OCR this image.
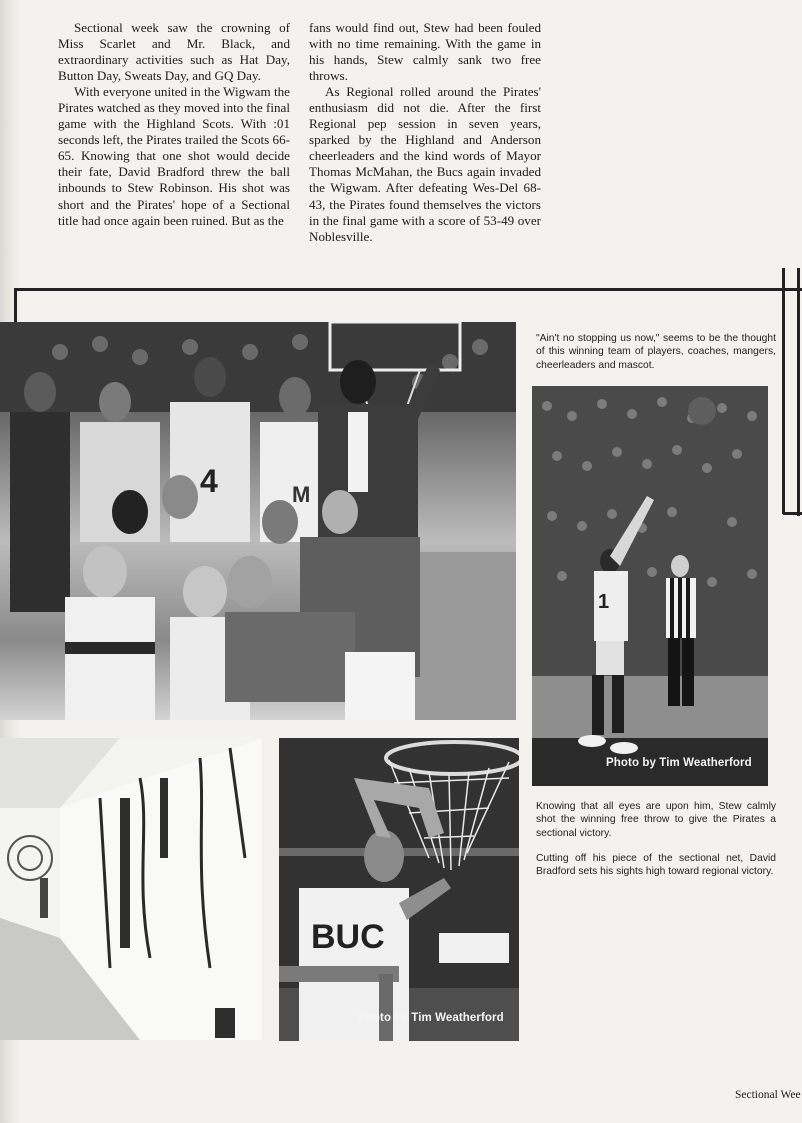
Sectional week saw the crowning of Miss Scarlet and Mr. Black, and extraordinary activities such as Hat Day, Button Day, Sweats Day, and GQ Day.

With everyone united in the Wigwam the Pirates watched as they moved into the final game with the Highland Scots. With :01 seconds left, the Pirates trailed the Scots 66-65. Knowing that one shot would decide their fate, David Bradford threw the ball inbounds to Stew Robinson. His shot was short and the Pirates' hope of a Sectional title had once again been ruined. But as the

fans would find out, Stew had been fouled with no time remaining. With the game in his hands, Stew calmly sank two free throws.

As Regional rolled around the Pirates' enthusiasm did not die. After the first Regional pep session in seven years, sparked by the Highland and Anderson cheerleaders and the kind words of Mayor Thomas McMahan, the Bucs again invaded the Wigwam. After defeating Wes-Del 68-43, the Pirates found themselves the victors in the final game with a score of 53-49 over Noblesville.

4	M
"Ain't no stopping us now," seems to be the thought of this winning team of players, coaches, mangers, cheerleaders and mascot.
1
Photo by Tim Weatherford
BUC
Photo by Tim Weatherford
Knowing that all eyes are upon him, Stew calmly shot the winning free throw to give the Pirates a sectional victory.
Cutting off his piece of the sectional net, David Bradford sets his sights high toward regional victory.
Sectional Wee
